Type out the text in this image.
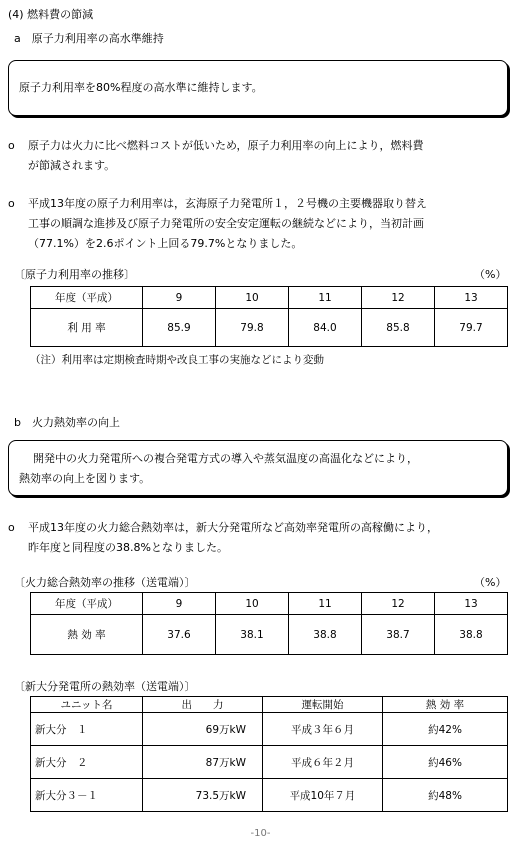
(4) 燃料費の節減
a　原子力利用率の高水準維持
原子力利用率を80%程度の高水準に維持します。
o	原子力は火力に比べ燃料コストが低いため，原子力利用率の向上により，燃料費
が節減されます。
o	平成13年度の原子力利用率は，玄海原子力発電所１，２号機の主要機器取り替え
工事の順調な進捗及び原子力発電所の安全安定運転の継続などにより，当初計画
（77.1%）を2.6ポイント上回る79.7%となりました。
〔原子力利用率の推移〕	（%）
年度（平成）	9	10	11	12	13
利 用 率	85.9	79.8	84.0	85.8	79.7
（注）利用率は定期検査時期や改良工事の実施などにより変動
b　火力熱効率の向上
開発中の火力発電所への複合発電方式の導入や蒸気温度の高温化などにより，
熱効率の向上を図ります。
o	平成13年度の火力総合熱効率は，新大分発電所など高効率発電所の高稼働により，
昨年度と同程度の38.8%となりました。
〔火力総合熱効率の推移（送電端）〕	（%）
年度（平成）	9	10	11	12	13
熱 効 率	37.6	38.1	38.8	38.7	38.8
〔新大分発電所の熱効率（送電端）〕
ユニット名	出　　力	運転開始	熱 効 率
新大分　１	69万kW	平成３年６月	約42%
新大分　２	87万kW	平成６年２月	約46%
新大分３－１	73.5万kW	平成10年７月	約48%
-10-
